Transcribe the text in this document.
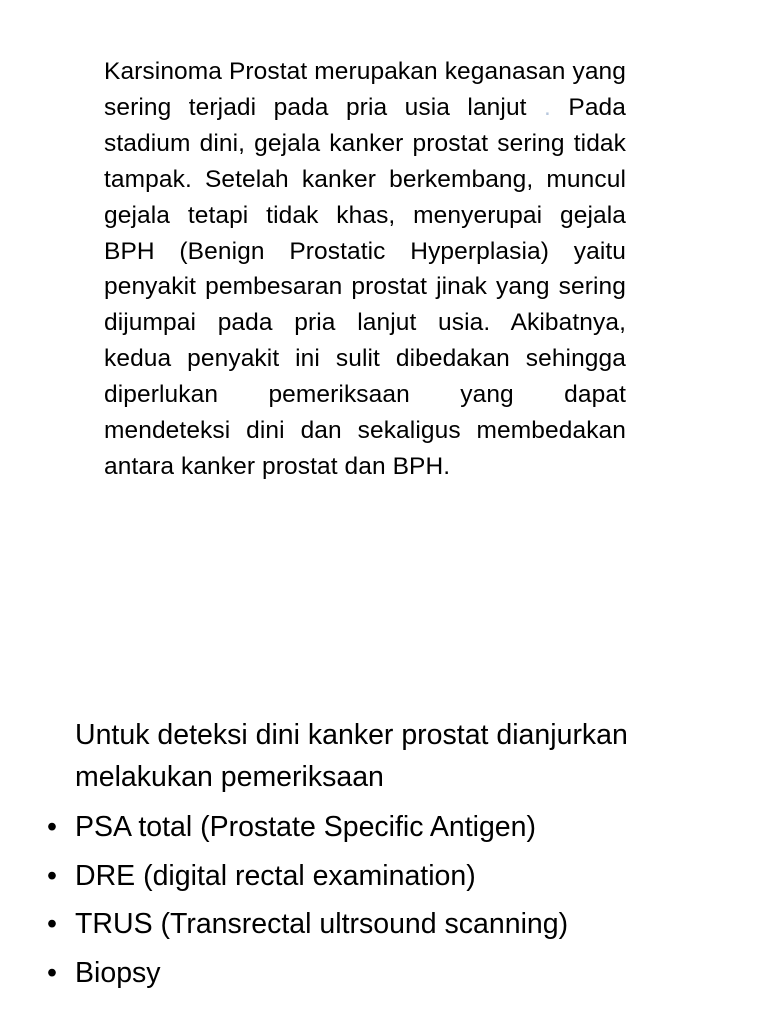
Karsinoma Prostat merupakan keganasan yang sering terjadi pada pria usia lanjut . Pada stadium dini, gejala kanker prostat sering tidak tampak. Setelah kanker berkembang, muncul gejala tetapi tidak khas, menyerupai gejala BPH (Benign Prostatic Hyperplasia) yaitu penyakit pembesaran prostat jinak yang sering dijumpai pada pria lanjut usia. Akibatnya, kedua penyakit ini sulit dibedakan sehingga diperlukan pemeriksaan yang dapat mendeteksi dini dan sekaligus membedakan antara kanker prostat dan BPH.

Untuk deteksi dini kanker prostat dianjurkan melakukan pemeriksaan

• PSA total (Prostate Specific Antigen)
• DRE (digital rectal examination)
• TRUS (Transrectal ultrsound scanning)
• Biopsy
